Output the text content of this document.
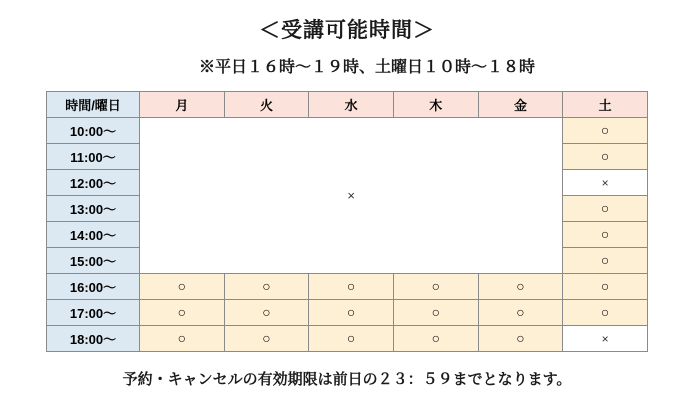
＜受講可能時間＞
※平日１６時〜１９時、土曜日１０時〜１８時
時間/曜日	月	火	水	木	金	土
10:00〜	×					○
11:00〜						○
12:00〜						×
13:00〜						○
14:00〜						○
15:00〜						○
16:00〜	○	○	○	○	○	○
17:00〜	○	○	○	○	○	○
18:00〜	○	○	○	○	○	×
予約・キャンセルの有効期限は前日の２３：５９までとなります。
